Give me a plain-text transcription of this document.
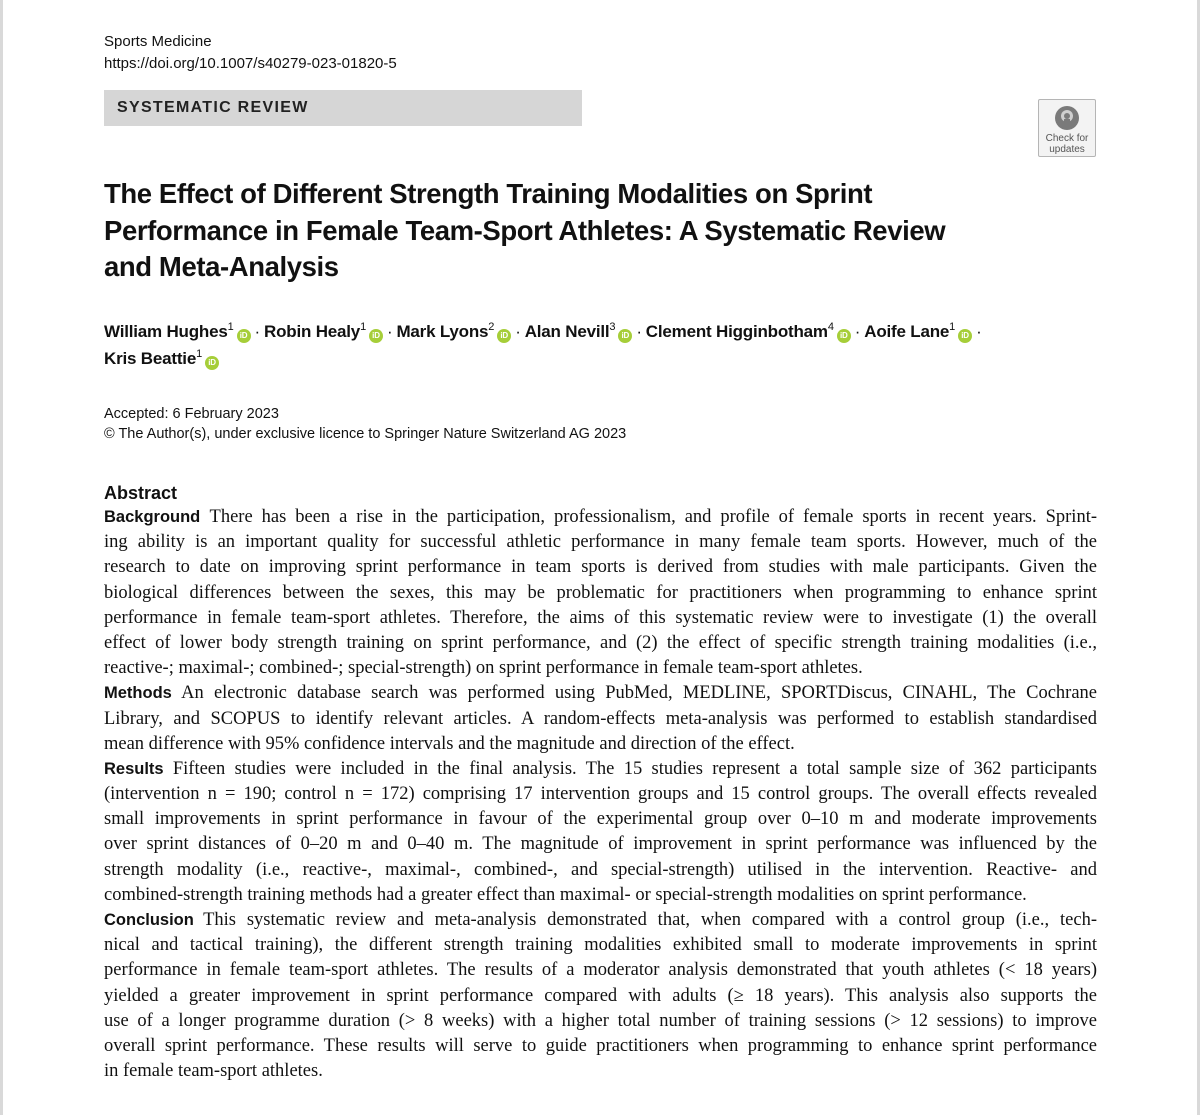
Sports Medicine
https://doi.org/10.1007/s40279-023-01820-5
SYSTEMATIC REVIEW
Check for
updates
The Effect of Different Strength Training Modalities on Sprint
Performance in Female Team-Sport Athletes: A Systematic Review
and Meta-Analysis
William Hughes$^1$iD · Robin Healy$^1$iD · Mark Lyons$^2$iD · Alan Nevill$^3$iD · Clement Higginbotham$^4$iD · Aoife Lane$^1$iD ·
Kris Beattie$^1$iD
Accepted: 6 February 2023
© The Author(s), under exclusive licence to Springer Nature Switzerland AG 2023
Abstract
Background  There has been a rise in the participation, professionalism, and profile of female sports in recent years. Sprint-
ing ability is an important quality for successful athletic performance in many female team sports. However, much of the
research to date on improving sprint performance in team sports is derived from studies with male participants. Given the
biological differences between the sexes, this may be problematic for practitioners when programming to enhance sprint
performance in female team-sport athletes. Therefore, the aims of this systematic review were to investigate (1) the overall
effect of lower body strength training on sprint performance, and (2) the effect of specific strength training modalities (i.e.,
reactive-; maximal-; combined-; special-strength) on sprint performance in female team-sport athletes.
Methods  An electronic database search was performed using PubMed, MEDLINE, SPORTDiscus, CINAHL, The Cochrane
Library, and SCOPUS to identify relevant articles. A random-effects meta-analysis was performed to establish standardised
mean difference with 95% confidence intervals and the magnitude and direction of the effect.
Results  Fifteen studies were included in the final analysis. The 15 studies represent a total sample size of 362 participants
(intervention n = 190; control n = 172) comprising 17 intervention groups and 15 control groups. The overall effects revealed
small improvements in sprint performance in favour of the experimental group over 0–10 m and moderate improvements
over sprint distances of 0–20 m and 0–40 m. The magnitude of improvement in sprint performance was influenced by the
strength modality (i.e., reactive-, maximal-, combined-, and special-strength) utilised in the intervention. Reactive- and
combined-strength training methods had a greater effect than maximal- or special-strength modalities on sprint performance.
Conclusion  This systematic review and meta-analysis demonstrated that, when compared with a control group (i.e., tech-
nical and tactical training), the different strength training modalities exhibited small to moderate improvements in sprint
performance in female team-sport athletes. The results of a moderator analysis demonstrated that youth athletes (< 18 years)
yielded a greater improvement in sprint performance compared with adults (≥ 18 years). This analysis also supports the
use of a longer programme duration (> 8 weeks) with a higher total number of training sessions (> 12 sessions) to improve
overall sprint performance. These results will serve to guide practitioners when programming to enhance sprint performance
in female team-sport athletes.
